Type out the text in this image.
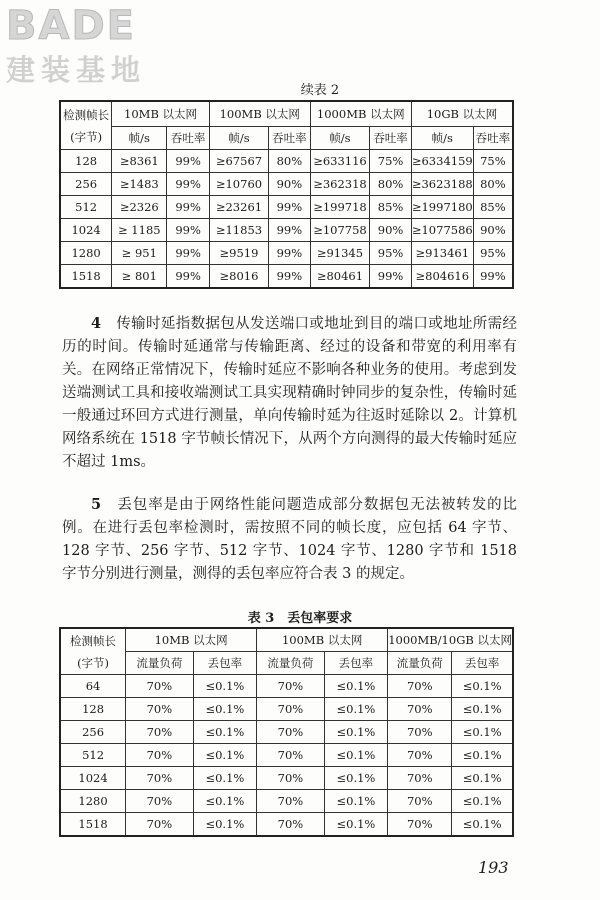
BADE
建装基地
续表 2
检测帧长
(字节)	10MB 以太网		100MB 以太网		1000MB 以太网		10GB 以太网	
	帧/s	吞吐率	帧/s	吞吐率	帧/s	吞吐率	帧/s	吞吐率
128	≥8361	99%	≥67567	80%	≥633116	75%	≥6334159	75%
256	≥1483	99%	≥10760	90%	≥362318	80%	≥3623188	80%
512	≥2326	99%	≥23261	99%	≥199718	85%	≥1997180	85%
1024	≥ 1185	99%	≥11853	99%	≥107758	90%	≥1077586	90%
1280	≥ 951	99%	≥9519	99%	≥91345	95%	≥913461	95%
1518	≥ 801	99%	≥8016	99%	≥80461	99%	≥804616	99%

4　 传输时延指数据包从发送端口或地址到目的端口或地址所需经历的时间。传输时延通常与传输距离、经过的设备和带宽的利用率有关。在网络正常情况下，传输时延应不影响各种业务的使用。考虑到发送端测试工具和接收端测试工具实现精确时钟同步的复杂性，传输时延一般通过环回方式进行测量，单向传输时延为往返时延除以 2。计算机网络系统在 1518 字节帧长情况下，从两个方向测得的最大传输时延应不超过 1ms。

5　 丢包率是由于网络性能问题造成部分数据包无法被转发的比例。在进行丢包率检测时，需按照不同的帧长度，应包括 64 字节、128 字节、256 字节、512 字节、1024 字节、1280 字节和 1518 字节分别进行测量，测得的丢包率应符合表 3 的规定。

表 3　丢包率要求
检测帧长
(字节)	10MB 以太网		100MB 以太网		1000MB/10GB 以太网	
	流量负荷	丢包率	流量负荷	丢包率	流量负荷	丢包率
64	70%	≤0.1%	70%	≤0.1%	70%	≤0.1%
128	70%	≤0.1%	70%	≤0.1%	70%	≤0.1%
256	70%	≤0.1%	70%	≤0.1%	70%	≤0.1%
512	70%	≤0.1%	70%	≤0.1%	70%	≤0.1%
1024	70%	≤0.1%	70%	≤0.1%	70%	≤0.1%
1280	70%	≤0.1%	70%	≤0.1%	70%	≤0.1%
1518	70%	≤0.1%	70%	≤0.1%	70%	≤0.1%
193
